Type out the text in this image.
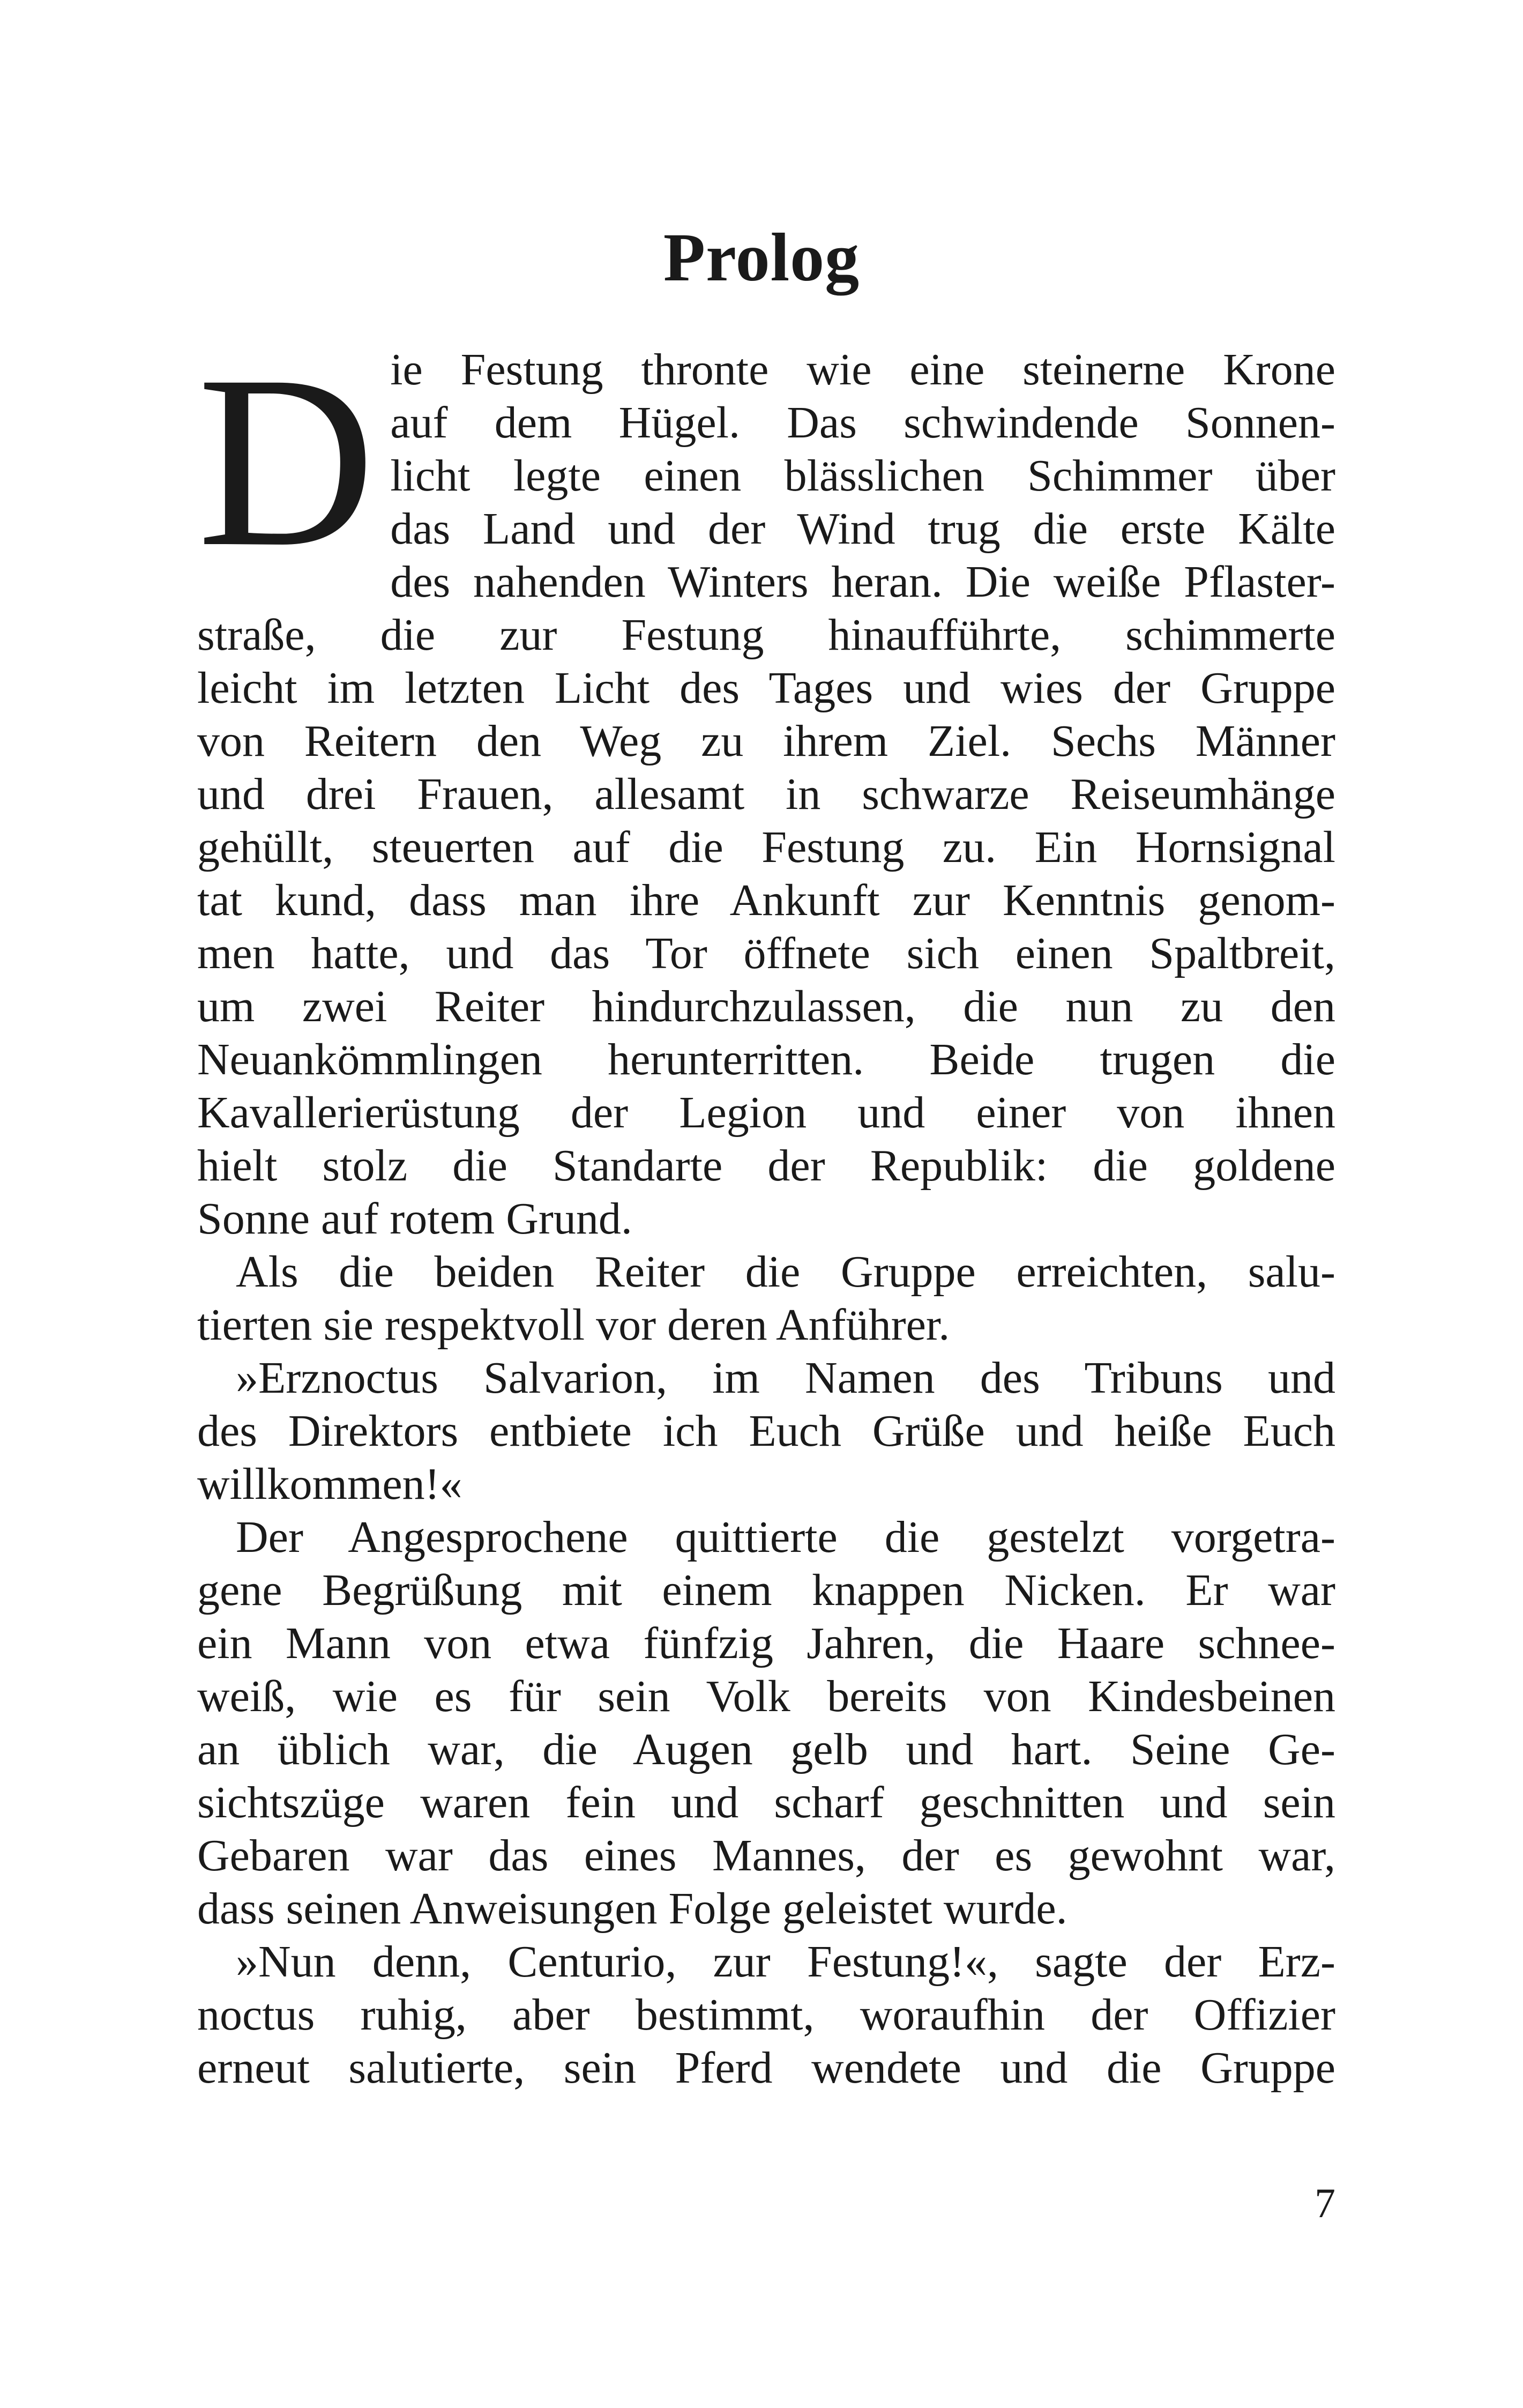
Prolog
D ie Festung thronte wie eine steinerne Krone
auf dem Hügel. Das schwindende Sonnen-
licht legte einen blässlichen Schimmer über
das Land und der Wind trug die erste Kälte
des nahenden Winters heran. Die weiße Pflaster-
straße, die zur Festung hinaufführte, schimmerte
leicht im letzten Licht des Tages und wies der Gruppe
von Reitern den Weg zu ihrem Ziel. Sechs Männer
und drei Frauen, allesamt in schwarze Reiseumhänge
gehüllt, steuerten auf die Festung zu. Ein Hornsignal
tat kund, dass man ihre Ankunft zur Kenntnis genom-
men hatte, und das Tor öffnete sich einen Spaltbreit,
um zwei Reiter hindurchzulassen, die nun zu den
Neuankömmlingen herunterritten. Beide trugen die
Kavallerierüstung der Legion und einer von ihnen
hielt stolz die Standarte der Republik: die goldene
Sonne auf rotem Grund.
Als die beiden Reiter die Gruppe erreichten, salu-
tierten sie respektvoll vor deren Anführer.
»Erznoctus Salvarion, im Namen des Tribuns und
des Direktors entbiete ich Euch Grüße und heiße Euch
willkommen!«
Der Angesprochene quittierte die gestelzt vorgetra-
gene Begrüßung mit einem knappen Nicken. Er war
ein Mann von etwa fünfzig Jahren, die Haare schnee-
weiß, wie es für sein Volk bereits von Kindesbeinen
an üblich war, die Augen gelb und hart. Seine Ge-
sichtszüge waren fein und scharf geschnitten und sein
Gebaren war das eines Mannes, der es gewohnt war,
dass seinen Anweisungen Folge geleistet wurde.
»Nun denn, Centurio, zur Festung!«, sagte der Erz-
noctus ruhig, aber bestimmt, woraufhin der Offizier
erneut salutierte, sein Pferd wendete und die Gruppe
7
